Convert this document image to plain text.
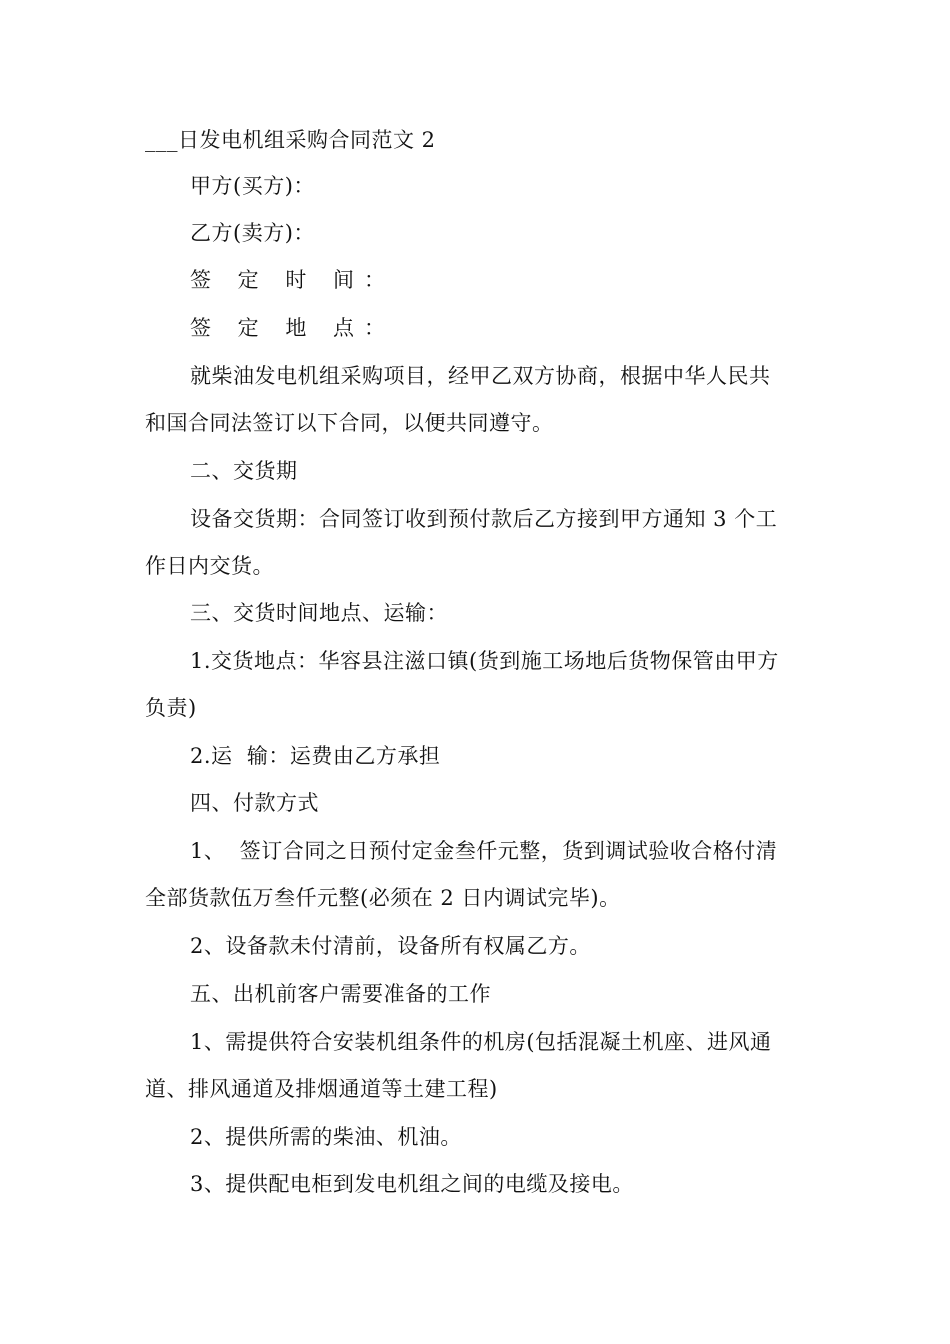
___日发电机组采购合同范文 2
甲方(买方)：
乙方(卖方)：
签 定 时 间：
签 定 地 点：
就柴油发电机组采购项目，经甲乙双方协商，根据中华人民共
和国合同法签订以下合同，以便共同遵守。
二、交货期
设备交货期：合同签订收到预付款后乙方接到甲方通知 3 个工
作日内交货。
三、交货时间地点、运输：
1.交货地点：华容县注滋口镇(货到施工场地后货物保管由甲方
负责)
2.运  输：运费由乙方承担
四、付款方式
1、  签订合同之日预付定金叁仟元整，货到调试验收合格付清
全部货款伍万叁仟元整(必须在 2 日内调试完毕)。
2、设备款未付清前，设备所有权属乙方。
五、出机前客户需要准备的工作
1、需提供符合安装机组条件的机房(包括混凝土机座、进风通
道、排风通道及排烟通道等土建工程)
2、提供所需的柴油、机油。
3、提供配电柜到发电机组之间的电缆及接电。
